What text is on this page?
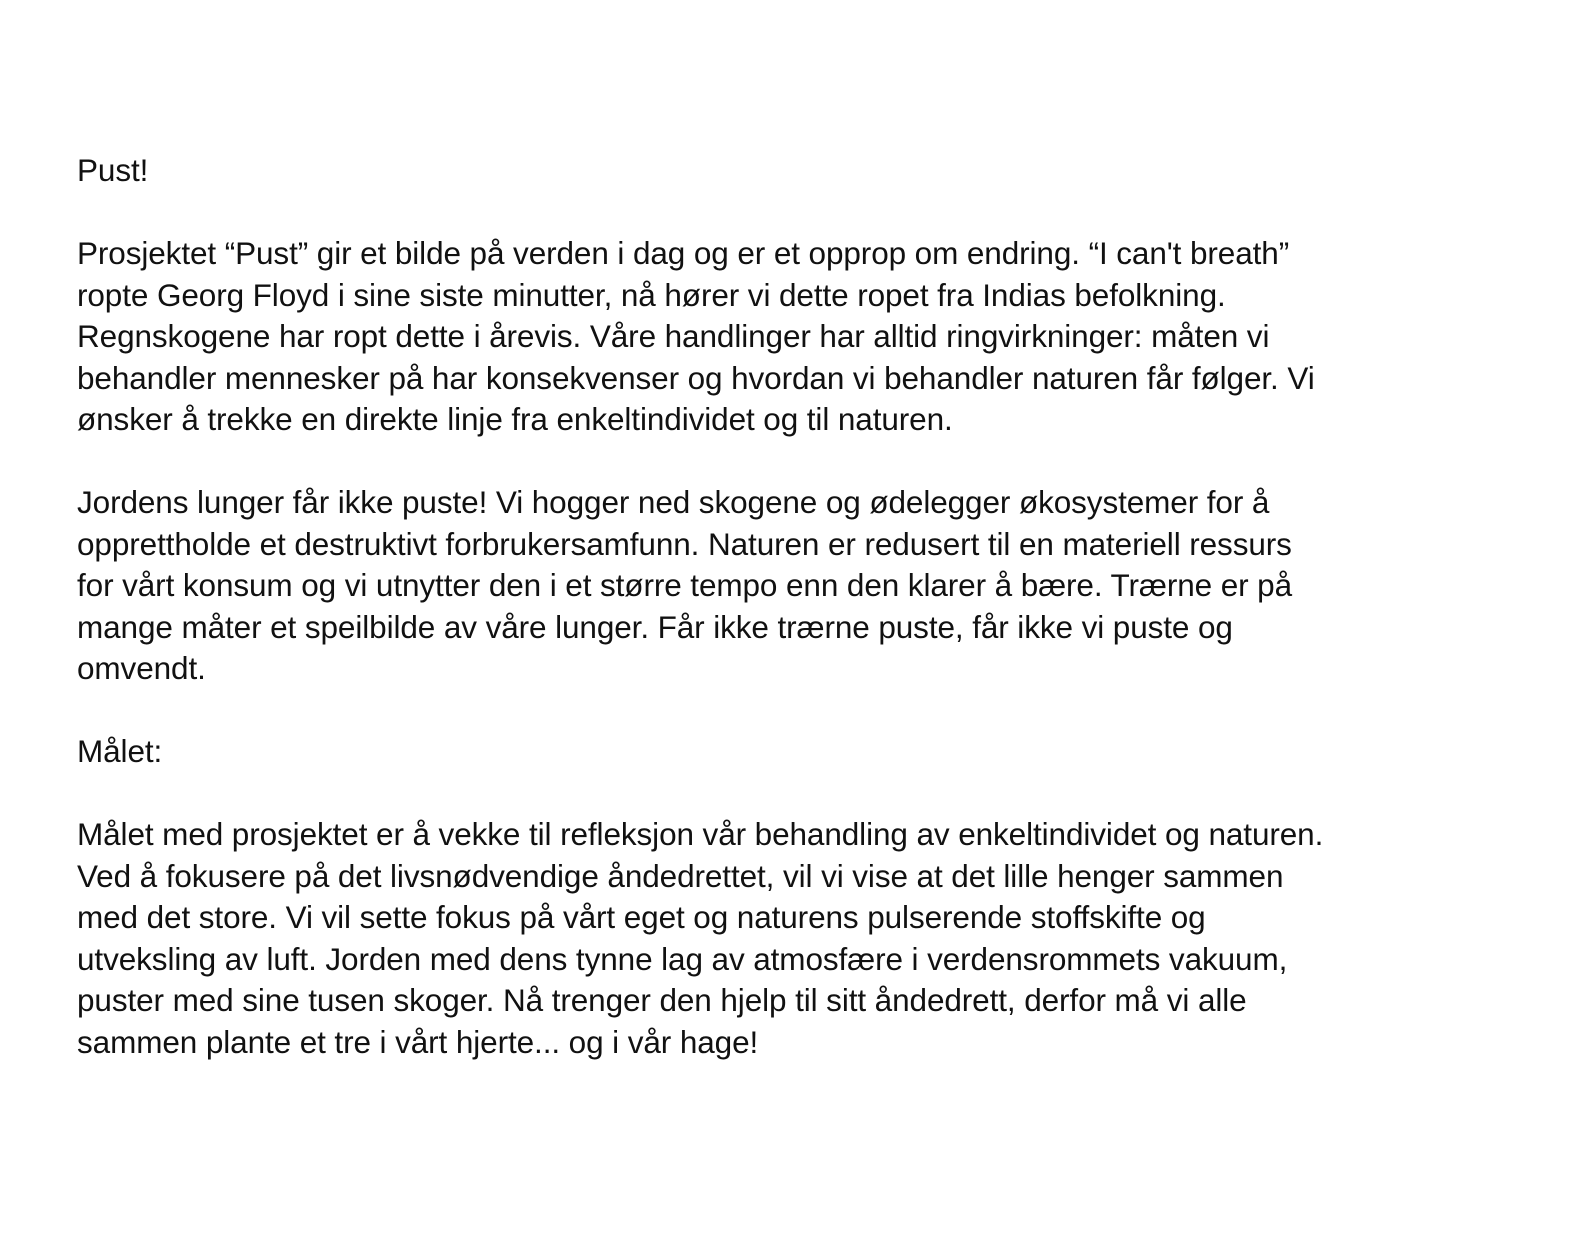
Pust!

Prosjektet “Pust” gir et bilde på verden i dag og er et opprop om endring. “I can't breath”
ropte Georg Floyd i sine siste minutter, nå hører vi dette ropet fra Indias befolkning.
Regnskogene har ropt dette i årevis. Våre handlinger har alltid ringvirkninger: måten vi
behandler mennesker på har konsekvenser og hvordan vi behandler naturen får følger. Vi
ønsker å trekke en direkte linje fra enkeltindividet og til naturen.

Jordens lunger får ikke puste! Vi hogger ned skogene og ødelegger økosystemer for å
opprettholde et destruktivt forbrukersamfunn. Naturen er redusert til en materiell ressurs
for vårt konsum og vi utnytter den i et større tempo enn den klarer å bære. Trærne er på
mange måter et speilbilde av våre lunger. Får ikke trærne puste, får ikke vi puste og
omvendt.

Målet:

Målet med prosjektet er å vekke til refleksjon vår behandling av enkeltindividet og naturen.
Ved å fokusere på det livsnødvendige åndedrettet, vil vi vise at det lille henger sammen
med det store. Vi vil sette fokus på vårt eget og naturens pulserende stoffskifte og
utveksling av luft. Jorden med dens tynne lag av atmosfære i verdensrommets vakuum,
puster med sine tusen skoger. Nå trenger den hjelp til sitt åndedrett, derfor må vi alle
sammen plante et tre i vårt hjerte... og i vår hage!
